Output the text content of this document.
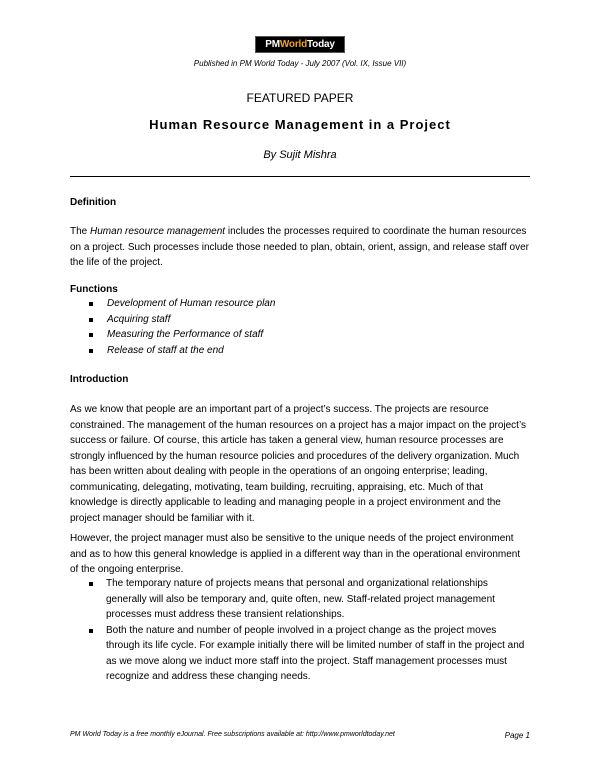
PMWorldToday
Published in PM World Today - July 2007 (Vol. IX, Issue VII)
FEATURED PAPER
Human Resource Management in a Project
By Sujit Mishra
Definition

The Human resource management includes the processes required to coordinate the human resources on a project. Such processes include those needed to plan, obtain, orient, assign, and release staff over the life of the project.

Functions
Development of Human resource plan
Acquiring staff
Measuring the Performance of staff
Release of staff at the end
Introduction

As we know that people are an important part of a project’s success. The projects are resource constrained. The management of the human resources on a project has a major impact on the project’s success or failure. Of course, this article has taken a general view, human resource processes are strongly influenced by the human resource policies and procedures of the delivery organization. Much has been written about dealing with people in the operations of an ongoing enterprise; leading, communicating, delegating, motivating, team building, recruiting, appraising, etc. Much of that knowledge is directly applicable to leading and managing people in a project environment and the project manager should be familiar with it.

However, the project manager must also be sensitive to the unique needs of the project environment and as to how this general knowledge is applied in a different way than in the operational environment of the ongoing enterprise.

The temporary nature of projects means that personal and organizational relationships generally will also be temporary and, quite often, new. Staff-related project management processes must address these transient relationships.
Both the nature and number of people involved in a project change as the project moves through its life cycle. For example initially there will be limited number of staff in the project and as we move along we induct more staff into the project. Staff management processes must recognize and address these changing needs.
PM World Today is a free monthly eJournal. Free subscriptions available at: http://www.pmworldtoday.net	Page 1
